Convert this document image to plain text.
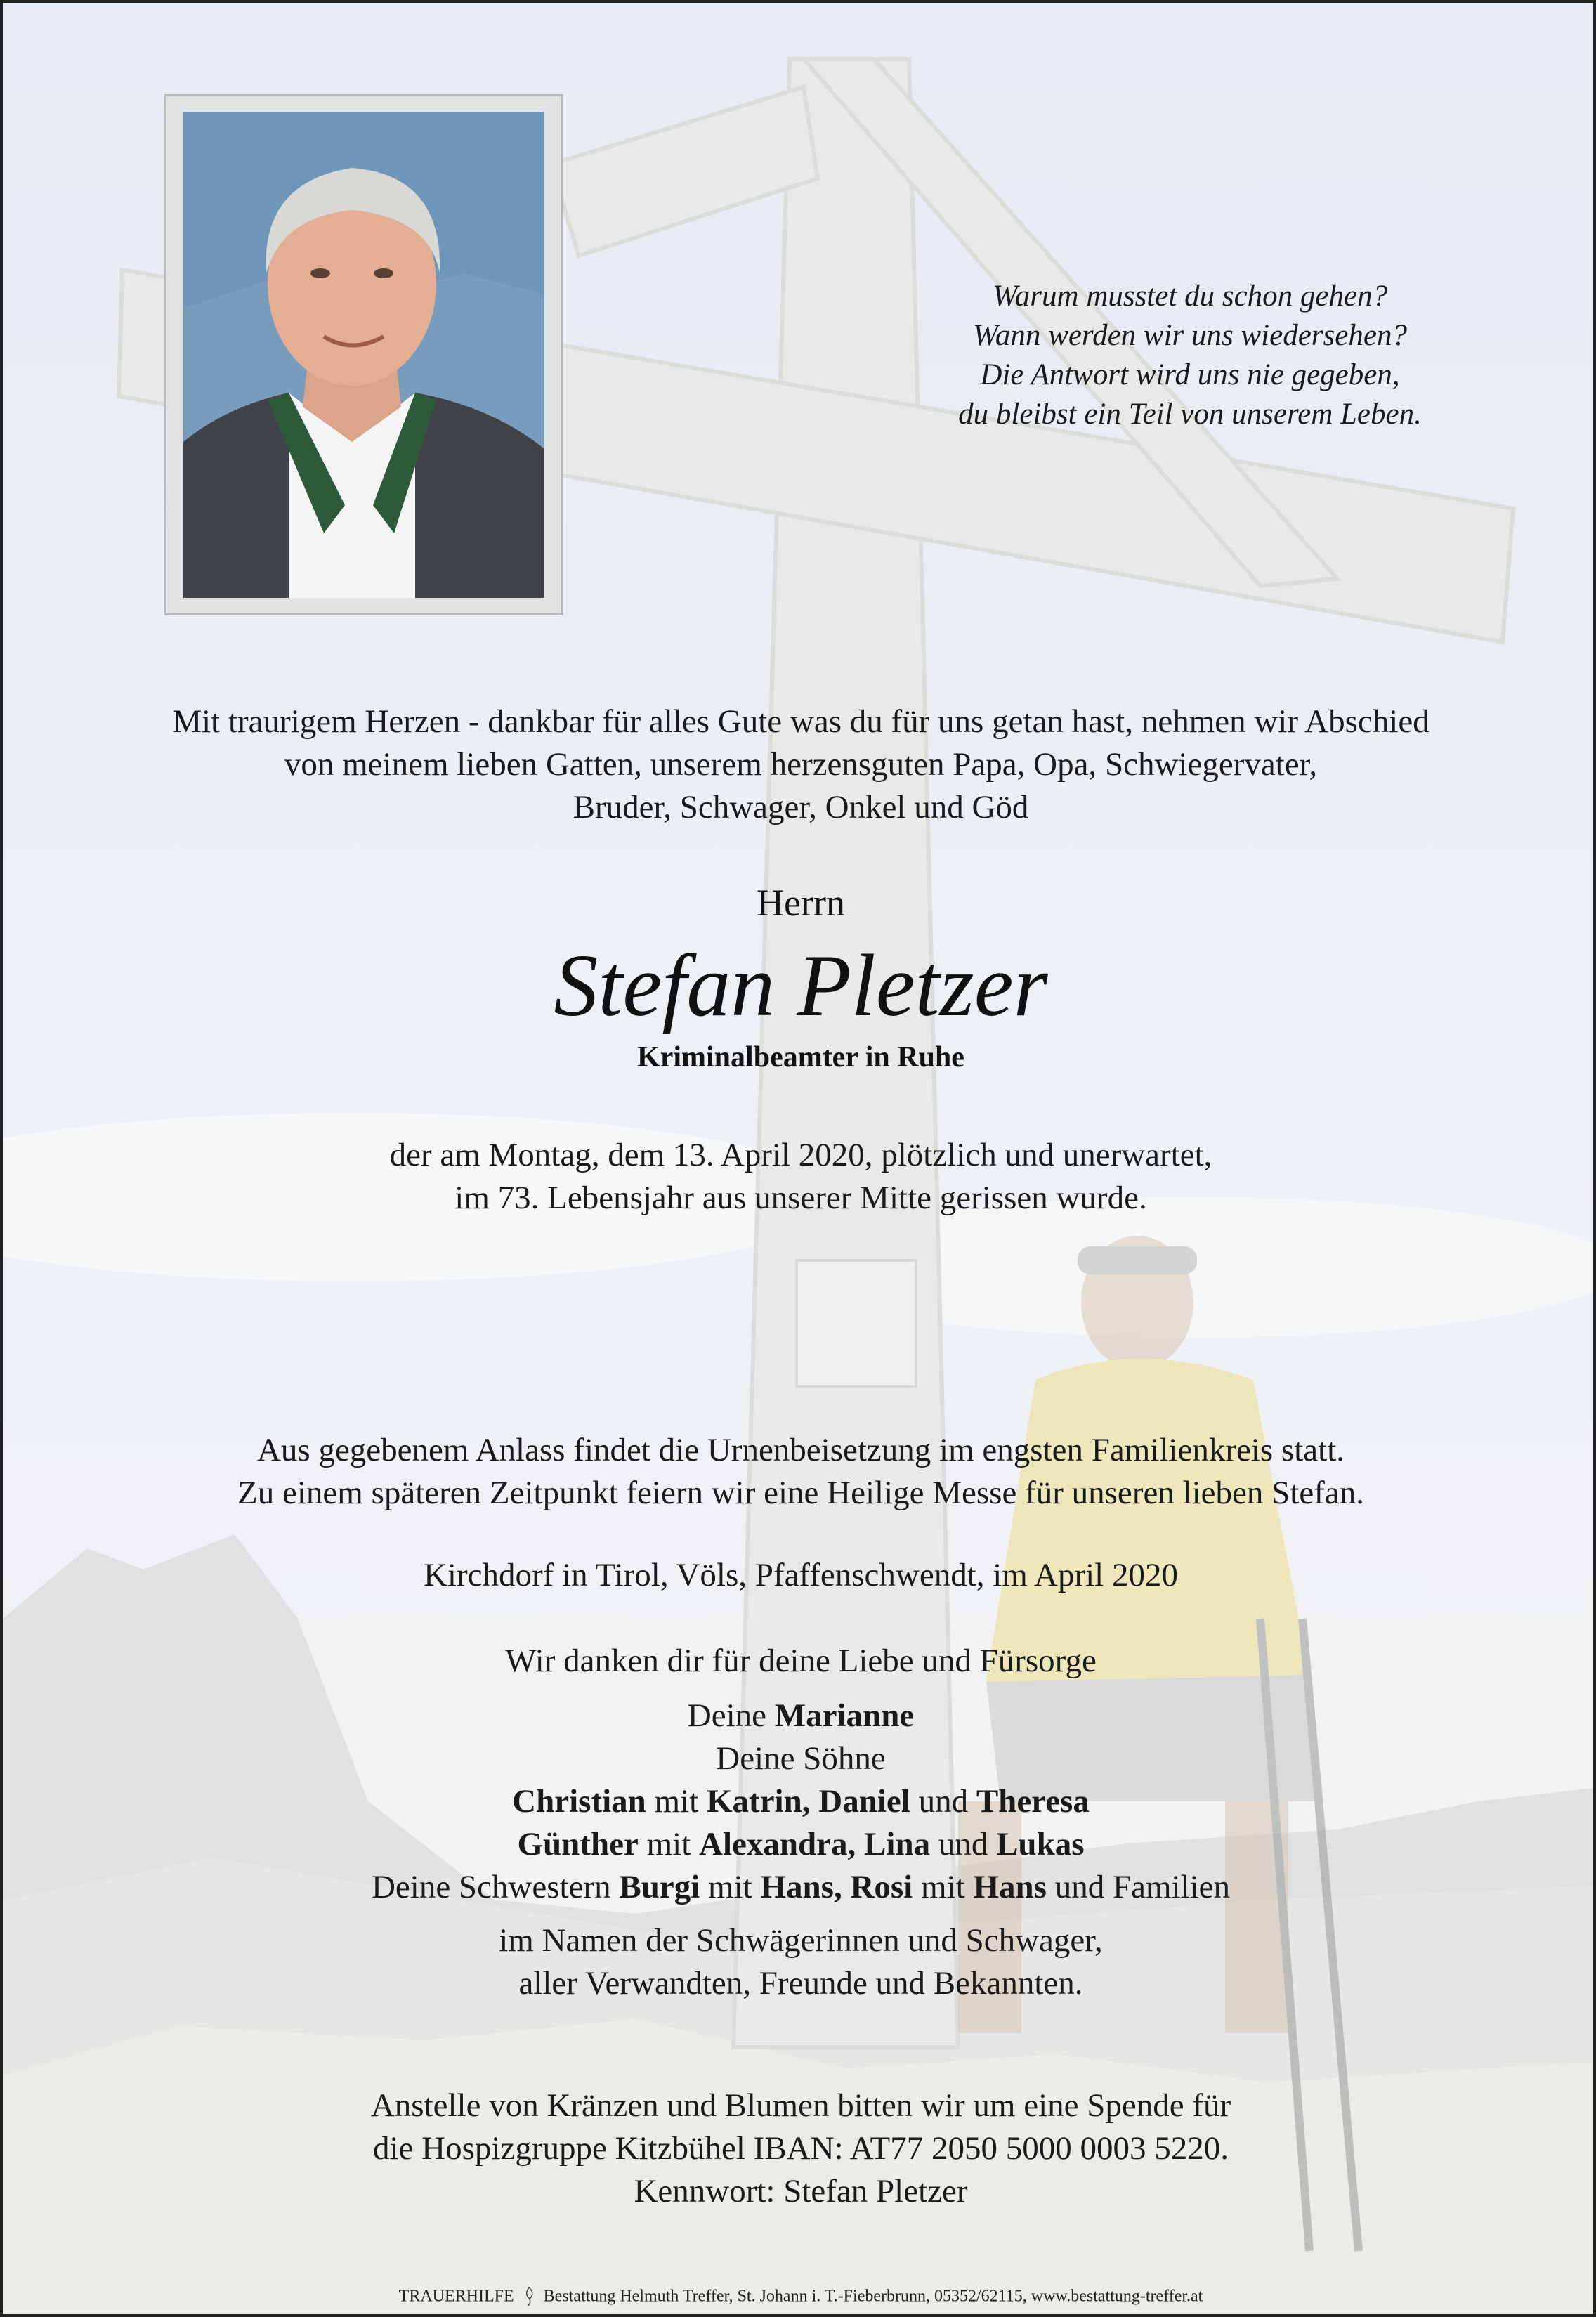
Warum musstet du schon gehen?
Wann werden wir uns wiedersehen?
Die Antwort wird uns nie gegeben,
du bleibst ein Teil von unserem Leben.
Mit traurigem Herzen - dankbar für alles Gute was du für uns getan hast, nehmen wir Abschied
von meinem lieben Gatten, unserem herzensguten Papa, Opa, Schwiegervater,
Bruder, Schwager, Onkel und Göd
Herrn
Stefan Pletzer
Kriminalbeamter in Ruhe
der am Montag, dem 13. April 2020, plötzlich und unerwartet,
im 73. Lebensjahr aus unserer Mitte gerissen wurde.
Aus gegebenem Anlass findet die Urnenbeisetzung im engsten Familienkreis statt.
Zu einem späteren Zeitpunkt feiern wir eine Heilige Messe für unseren lieben Stefan.
Kirchdorf in Tirol, Völs, Pfaffenschwendt, im April 2020
Wir danken dir für deine Liebe und Fürsorge
Deine Marianne
Deine Söhne
Christian mit Katrin, Daniel und Theresa
Günther mit Alexandra, Lina und Lukas
Deine Schwestern Burgi mit Hans, Rosi mit Hans und Familien
im Namen der Schwägerinnen und Schwager,
aller Verwandten, Freunde und Bekannten.
Anstelle von Kränzen und Blumen bitten wir um eine Spende für
die Hospizgruppe Kitzbühel IBAN: AT77 2050 5000 0003 5220.
Kennwort: Stefan Pletzer
TRAUERHILFE Bestattung Helmuth Treffer, St. Johann i. T.-Fieberbrunn, 05352/62115, www.bestattung-treffer.at
